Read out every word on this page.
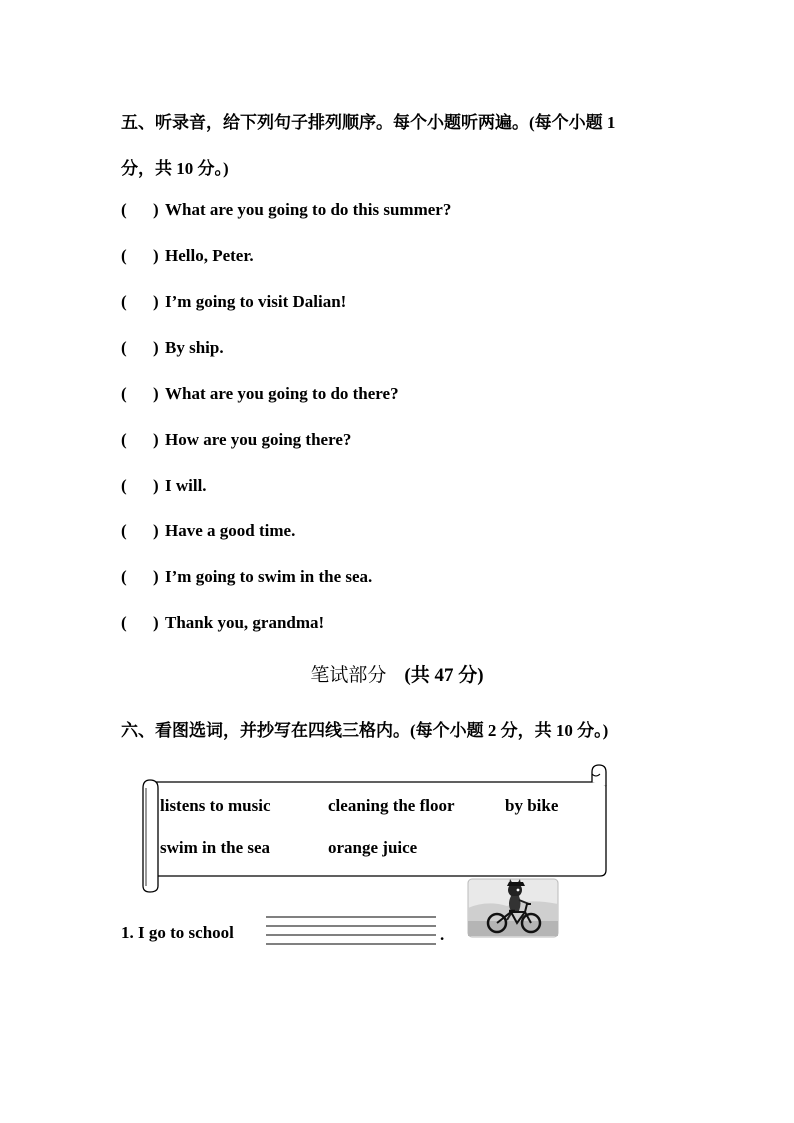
五、听录音，给下列句子排列顺序。每个小题听两遍。(每个小题 1
分，共 10 分。)
( ) What are you going to do this summer?
( ) Hello, Peter.
( ) I’m going to visit Dalian!
( ) By ship.
( ) What are you going to do there?
( ) How are you going there?
( ) I will.
( ) Have a good time.
( ) I’m going to swim in the sea.
( ) Thank you, grandma!
笔试部分 (共 47 分)
六、看图选词，并抄写在四线三格内。(每个小题 2 分，共 10 分。)
listens to music	cleaning the floor	by bike
swim in the sea	orange juice
1. I go to school	.
